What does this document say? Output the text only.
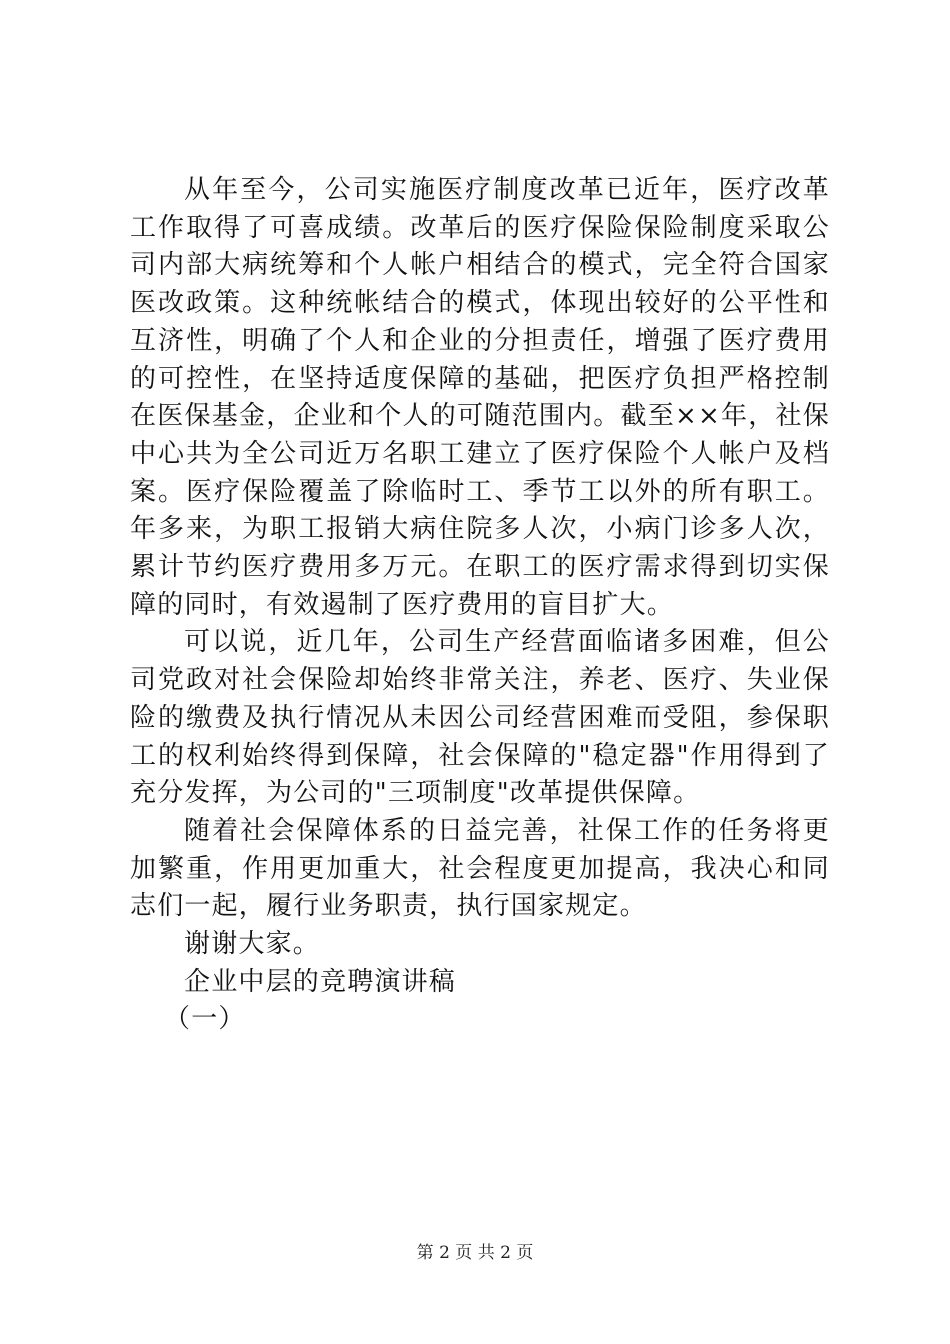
从年至今，公司实施医疗制度改革已近年，医疗改革工作取得了可喜成绩。改革后的医疗保险保险制度采取公司内部大病统筹和个人帐户相结合的模式，完全符合国家医改政策。这种统帐结合的模式，体现出较好的公平性和互济性，明确了个人和企业的分担责任，增强了医疗费用的可控性，在坚持适度保障的基础，把医疗负担严格控制在医保基金，企业和个人的可随范围内。截至××年，社保中心共为全公司近万名职工建立了医疗保险个人帐户及档案。医疗保险覆盖了除临时工、季节工以外的所有职工。年多来，为职工报销大病住院多人次，小病门诊多人次，累计节约医疗费用多万元。在职工的医疗需求得到切实保障的同时，有效遏制了医疗费用的盲目扩大。

可以说，近几年，公司生产经营面临诸多困难，但公司党政对社会保险却始终非常关注，养老、医疗、失业保险的缴费及执行情况从未因公司经营困难而受阻，参保职工的权利始终得到保障，社会保障的"稳定器"作用得到了充分发挥，为公司的"三项制度"改革提供保障。

随着社会保障体系的日益完善，社保工作的任务将更加繁重，作用更加重大，社会程度更加提高，我决心和同志们一起，履行业务职责，执行国家规定。

谢谢大家。

企业中层的竞聘演讲稿

（一）

第 2 页 共 2 页
